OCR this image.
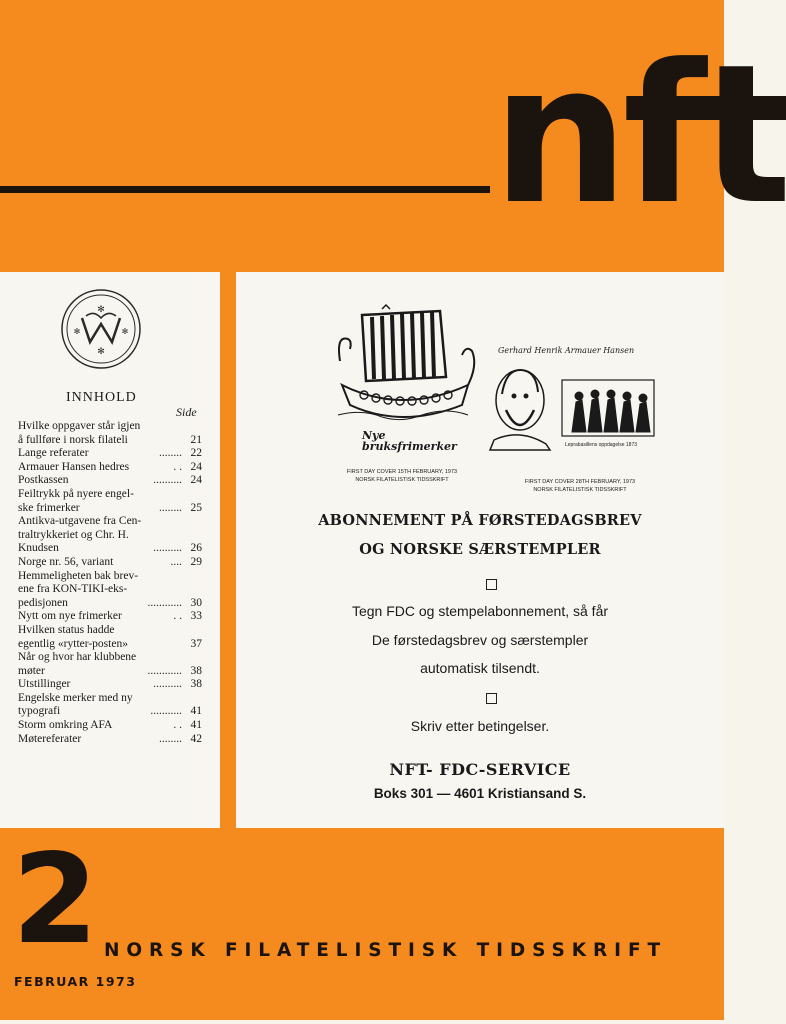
nft
✻
✻
✻	✻
INNHOLD
Side
Hvilke oppgaver står igjen
å fullføre i norsk filateli	21
Lange referater	........ 22
Armauer Hansen hedres	. . 24
Postkassen	.......... 24
Feiltrykk på nyere engel-
ske frimerker	........ 25
Antikva-utgavene fra Cen-
traltrykkeriet og Chr. H.
Knudsen	.......... 26
Norge nr. 56, variant	.... 29
Hemmeligheten bak brev-
ene fra KON-TIKI-eks-
pedisjonen	............ 30
Nytt om nye frimerker	. . 33
Hvilken status hadde
egentlig «rytter-posten»	37
Når og hvor har klubbene
møter	............ 38
Utstillinger	.......... 38
Engelske merker med ny
typografi	........... 41
Storm omkring AFA	. . 41
Møtereferater	........ 42
Nye
bruksfrimerker
FIRST DAY COVER 15TH FEBRUARY, 1973
NORSK FILATELISTISK TIDSSKRIFT
Gerhard Henrik Armauer Hansen
Leprabasillens oppdagelse 1873
FIRST DAY COVER 28TH FEBRUARY, 1973
NORSK FILATELISTISK TIDSSKRIFT
ABONNEMENT PÅ FØRSTEDAGSBREV
OG NORSKE SÆRSTEMPLER
Tegn FDC og stempelabonnement, så får
De førstedagsbrev og særstempler
automatisk tilsendt.
Skriv etter betingelser.
NFT- FDC-SERVICE
Boks 301 — 4601 Kristiansand S.
2 NORSK FILATELISTISK TIDSSKRIFT
FEBRUAR 1973
